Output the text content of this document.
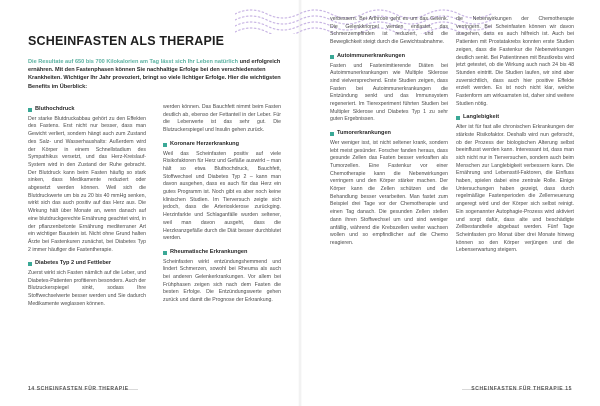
SCHEINFASTEN ALS THERAPIE

Die Resultate auf 650 bis 700 Kilokalorien am Tag lässt sich Ihr Leben natürlich und erfolgreich ernähren. Mit den Fastenphasen können Sie nachhaltige Erfolge bei den verschiedensten Krankheiten. Wichtiger Ihr Jahr provoziert, bringt so viele lichtiger Erfolge. Hier die wichtigsten Benefits im Überblick:

Bluthochdruck

Der starke Blutdruckabbau gehört zu den Effekten des Fastens. Erst nicht nur besser, dass man Gewicht verliert, sondern hängt auch zum Zustand des Salz- und Wasserhaushalts: Außerdem wird der Körper in einem Schnellstadium des Sympathikus versetzt, und das Herz-Kreislauf-System wird in den Zustand der Ruhe gebracht. Der Blutdruck kann beim Fasten häufig so stark sinken, dass Medikamente reduziert oder abgesetzt werden können. Weil sich die Blutdruckwerte um bis zu 20 bis 40 mmHg senken, wirkt sich das auch positiv auf das Herz aus. Die Wirkung hält über Monate an, wenn danach auf eine blutdruckgerechte Ernährung geachtet wird, in der pflanzenbetonte Ernährung mediterraner Art ein wichtiger Baustein ist. Nicht ohne Grund halten Ärzte bei Fastenkuren zunächst, bei Diabetes Typ 2 immer häufiger die Fastentherapie.

Diabetes Typ 2 und Fettleber

Zuerst wirkt sich Fasten nämlich auf die Leber, und Diabetes-Patienten profitieren besonders. Auch der Blutzuckerspiegel sinkt, sodass Ihre Stoffwechselwerte besser werden und Sie dadurch Medikamente weglassen können.

werden können. Das Bauchfett nimmt beim Fasten deutlich ab, ebenso der Fettanteil in der Leber. Für die Leberwerte ist das sehr gut. Die Blutzuckerspiegel und Insulin gehen zurück.

Koronare Herzerkrankung

Weil das Scheinfasten positiv auf viele Risikofaktoren für Herz und Gefäße auswirkt – man hält so etwa Bluthochdruck, Bauchfett, Stoffwechsel und Diabetes Typ 2 – kann man davon ausgehen, dass es auch für das Herz ein gutes Programm ist. Noch gibt es aber noch keine klinischen Studien. Im Tierversuch zeigte sich jedoch, dass die Arteriosklerose zurückging. Herzinfarkte und Schlaganfälle wurden seltener, weil man davon ausgeht, dass die Herzkranzgefäße durch die Diät besser durchblutet werden.

Rheumatische Erkrankungen

Scheinfasten wirkt entzündungshemmend und lindert Schmerzen, sowohl bei Rheuma als auch bei anderen Gelenkerkrankungen. Vor allem bei Frühphasen zeigen sich nach dem Fasten die besten Erfolge. Die Entzündungswerte gehen zurück und damit die Prognose der Erkrankung.

verbessern. Bei Arthrose geht es um das Gelenk. Die Gelenkknorpel werden entlastet, das Schmerzempfinden ist reduziert, und die Beweglichkeit steigt durch die Gewichtsabnahme.

Autoimmunerkrankungen

Fasten und Fastenimitierende Diäten bei Autoimmunerkrankungen wie Multiple Sklerose sind vielversprechend. Erste Studien zeigen, dass Fasten bei Autoimmunerkrankungen die Entzündung senkt und das Immunsystem regeneriert. Im Tierexperiment führten Studien bei Multipler Sklerose und Diabetes Typ 1 zu sehr guten Ergebnissen.

Tumorerkrankungen

Wer weniger isst, ist nicht seltener krank, sondern lebt meist gesünder. Forscher fanden heraus, dass gesunde Zellen das Fasten besser verkraften als Tumorzellen. Eine Fastenkur vor einer Chemotherapie kann die Nebenwirkungen verringern und den Körper stärker machen. Der Körper kann die Zellen schützen und die Behandlung besser verarbeiten. Man fastet zum Beispiel drei Tage vor der Chemotherapie und einen Tag danach. Die gesunden Zellen stellen dann ihren Stoffwechsel um und sind weniger anfällig, während die Krebszellen weiter wachsen wollen und so empfindlicher auf die Chemo reagieren.

die Nebenwirkungen der Chemotherapie verringern. Bei Scheinfasten können wir davon ausgehen, dass es auch hilfreich ist. Auch bei Patienten mit Prostatakrebs konnten erste Studien zeigen, dass die Fastenkur die Nebenwirkungen deutlich senkt. Bei Patientinnen mit Brustkrebs wird jetzt getestet, ob die Wirkung auch nach 24 bis 48 Stunden eintritt. Die Studien laufen, wir sind aber zuversichtlich, dass auch hier positive Effekte erzielt werden. Es ist noch nicht klar, welche Fastenform am wirksamsten ist, daher sind weitere Studien nötig.

Langlebigkeit

Alter ist für fast alle chronischen Erkrankungen der stärkste Risikofaktor. Deshalb wird nun geforscht, ob der Prozess der biologischen Alterung selbst beeinflusst werden kann. Interessant ist, dass man sich nicht nur in Tierversuchen, sondern auch beim Menschen zur Langlebigkeit verbessern kann. Die Ernährung und Lebensstil-Faktoren, die Einfluss haben, spielen dabei eine zentrale Rolle. Einige Untersuchungen haben gezeigt, dass durch regelmäßige Fastenperioden die Zellerneuerung angeregt wird und der Körper sich selbst reinigt. Ein sogenannter Autophagie-Prozess wird aktiviert und sorgt dafür, dass alte und beschädigte Zellbestandteile abgebaut werden. Fünf Tage Scheinfasten pro Monat über drei Monate hinweg können so den Körper verjüngen und die Lebenserwartung steigern.

14 SCHEINFASTEN FÜR THERAPIE	SCHEINFASTEN FÜR THERAPIE 15
